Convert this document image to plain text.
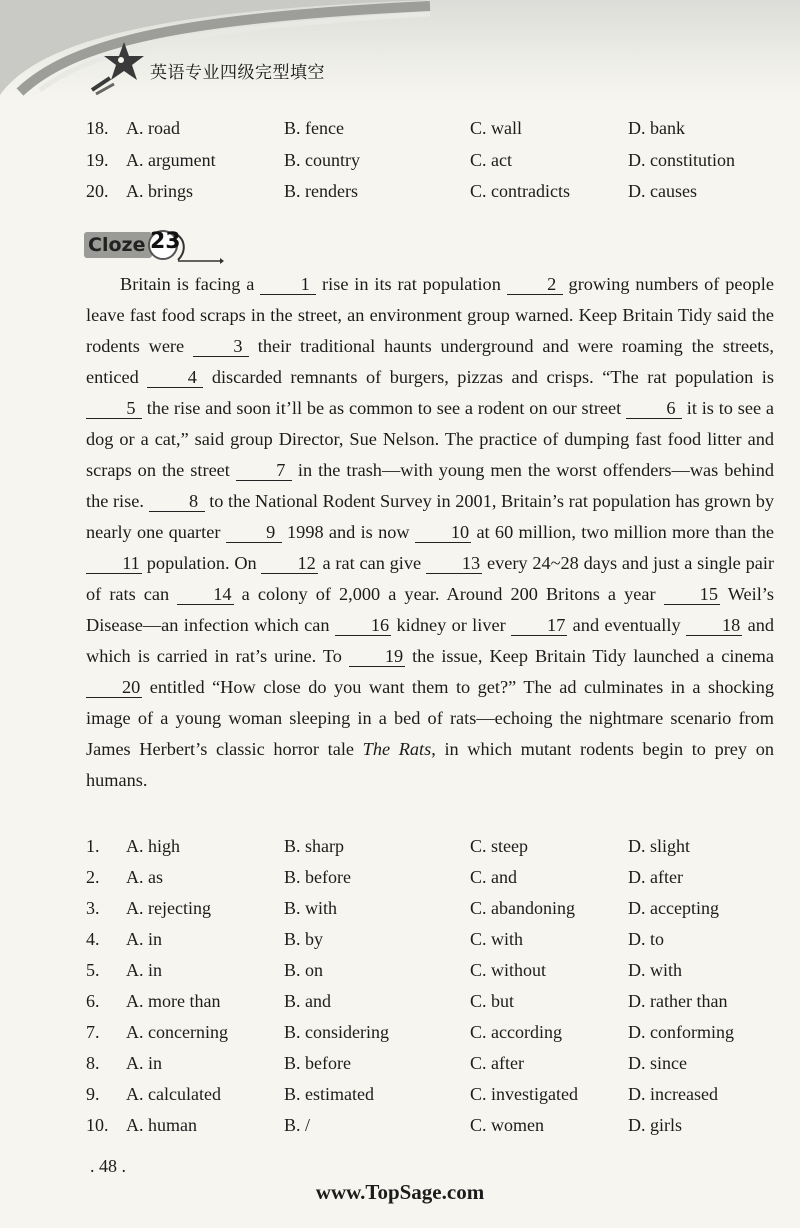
英语专业四级完型填空
18. A. road	B. fence	C. wall	D. bank
19. A. argument	B. country	C. act	D. constitution
20. A. brings	B. renders	C. contradicts	D. causes
Cloze 23

Britain is facing a 1 rise in its rat population 2 growing numbers of people leave fast food scraps in the street, an environment group warned. Keep Britain Tidy said the rodents were 3 their traditional haunts underground and were roaming the streets, enticed 4 discarded remnants of burgers, pizzas and crisps. “The rat population is 5 the rise and soon it’ll be as common to see a rodent on our street 6 it is to see a dog or a cat,” said group Director, Sue Nelson. The practice of dumping fast food litter and scraps on the street 7 in the trash—with young men the worst offenders—was behind the rise. 8 to the National Rodent Survey in 2001, Britain’s rat population has grown by nearly one quarter 9 1998 and is now 10 at 60 million, two million more than the 11 population. On 12 a rat can give 13 every 24~28 days and just a single pair of rats can 14 a colony of 2,000 a year. Around 200 Britons a year 15 Weil’s Disease—an infection which can 16 kidney or liver 17 and eventually 18 and which is carried in rat’s urine. To 19 the issue, Keep Britain Tidy launched a cinema 20 entitled “How close do you want them to get?” The ad culminates in a shocking image of a young woman sleeping in a bed of rats—echoing the nightmare scenario from James Herbert’s classic horror tale The Rats, in which mutant rodents begin to prey on humans.

1. A. high	B. sharp	C. steep	D. slight
2. A. as	B. before	C. and	D. after
3. A. rejecting	B. with	C. abandoning	D. accepting
4. A. in	B. by	C. with	D. to
5. A. in	B. on	C. without	D. with
6. A. more than	B. and	C. but	D. rather than
7. A. concerning	B. considering	C. according	D. conforming
8. A. in	B. before	C. after	D. since
9. A. calculated	B. estimated	C. investigated	D. increased
10. A. human	B. /	C. women	D. girls
. 48 .
www.TopSage.com
